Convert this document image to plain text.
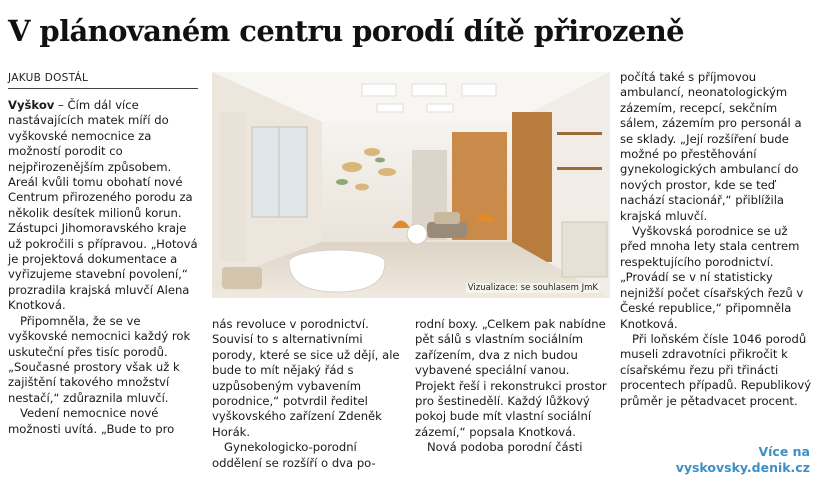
V plánovaném centru porodí dítě přirozeně
JAKUB DOSTÁL

Vyškov – Čím dál více nastávajících matek míří do vyškovské nemocnice za možností porodit co nejpřirozenějším způsobem. Areál kvůli tomu obohatí nové Centrum přirozeného porodu za několik desítek milionů korun. Zástupci Jihomoravského kraje už pokročili s přípravou. „Hotová je projektová dokumentace a vyřizujeme stavební povolení,“ prozradila krajská mluvčí Alena Knotková.

Připomněla, že se ve vyškovské nemocnici každý rok uskuteční přes tisíc porodů. „Současné prostory však už k zajištění takového množství nestačí,“ zdůraznila mluvčí.

Vedení nemocnice nové možnosti uvítá. „Bude to pro

Vizualizace: se souhlasem JmK

nás revoluce v porodnictví. Souvisí to s alternativními porody, které se sice už dějí, ale bude to mít nějaký řád s uzpůsobeným vybavením porodnice,“ potvrdil ředitel vyškovského zařízení Zdeněk Horák.

Gynekologicko-porodní oddělení se rozšíří o dva po-

rodní boxy. „Celkem pak nabídne pět sálů s vlastním sociálním zařízením, dva z nich budou vybavené speciální vanou. Projekt řeší i rekonstrukci prostor pro šestinedělí. Každý lůžkový pokoj bude mít vlastní sociální zázemí,“ popsala Knotková.

Nová podoba porodní části

počítá také s příjmovou ambulancí, neonatologickým zázemím, recepcí, sekčním sálem, zázemím pro personál a se sklady. „Její rozšíření bude možné po přestěhování gynekologických ambulancí do nových prostor, kde se teď nachází stacionář,“ přiblížila krajská mluvčí.

Vyškovská porodnice se už před mnoha lety stala centrem respektujícího porodnictví. „Provádí se v ní statisticky nejnižší počet císařských řezů v České republice,“ připomněla Knotková.

Při loňském čísle 1046 porodů museli zdravotníci přikročit k císařskému řezu při třinácti procentech případů. Republikový průměr je pětadvacet procent.

Více na
vyskovsky.denik.cz
